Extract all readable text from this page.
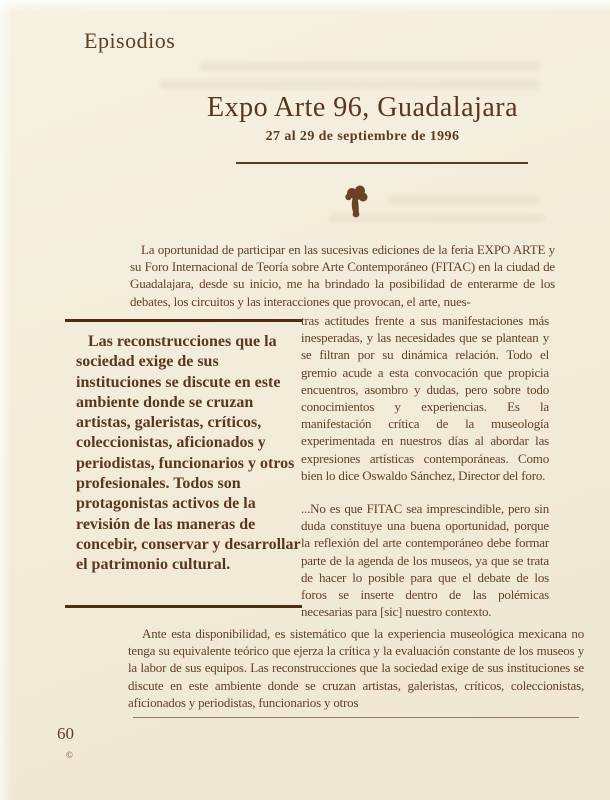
Episodios
Expo Arte 96, Guadalajara
27 al 29 de septiembre de 1996

La oportunidad de participar en las sucesivas ediciones de la feria EXPO ARTE y su Foro Internacional de Teoría sobre Arte Contemporáneo (FITAC) en la ciudad de Guadalajara, desde su inicio, me ha brindado la posibilidad de enterarme de los debates, los circuitos y las interacciones que provocan, el arte, nues-

Las reconstrucciones que la sociedad exige de sus instituciones se discute en este ambiente donde se cruzan artistas, galeristas, críticos, coleccionistas, aficionados y periodistas, funcionarios y otros profesionales. Todos son protagonistas activos de la revisión de las maneras de concebir, conservar y desarrollar el patrimonio cultural.

tras actitudes frente a sus manifestaciones más inesperadas, y las necesidades que se plantean y se filtran por su dinámica relación. Todo el gremio acude a esta convocación que propicia encuentros, asombro y dudas, pero sobre todo conocimientos y experiencias. Es la manifestación crítica de la museología experimentada en nuestros días al abordar las expresiones artísticas contemporáneas. Como bien lo dice Oswaldo Sánchez, Director del foro.

...No es que FITAC sea imprescindible, pero sin duda constituye una buena oportunidad, porque la reflexión del arte contemporáneo debe formar parte de la agenda de los museos, ya que se trata de hacer lo posible para que el debate de los foros se inserte dentro de las polémicas necesarias para [sic] nuestro contexto.

Ante esta disponibilidad, es sistemático que la experiencia museológica mexicana no tenga su equivalente teórico que ejerza la crítica y la evaluación constante de los museos y la labor de sus equipos. Las reconstrucciones que la sociedad exige de sus instituciones se discute en este ambiente donde se cruzan artistas, galeristas, críticos, coleccionistas, aficionados y periodistas, funcionarios y otros

60
©
